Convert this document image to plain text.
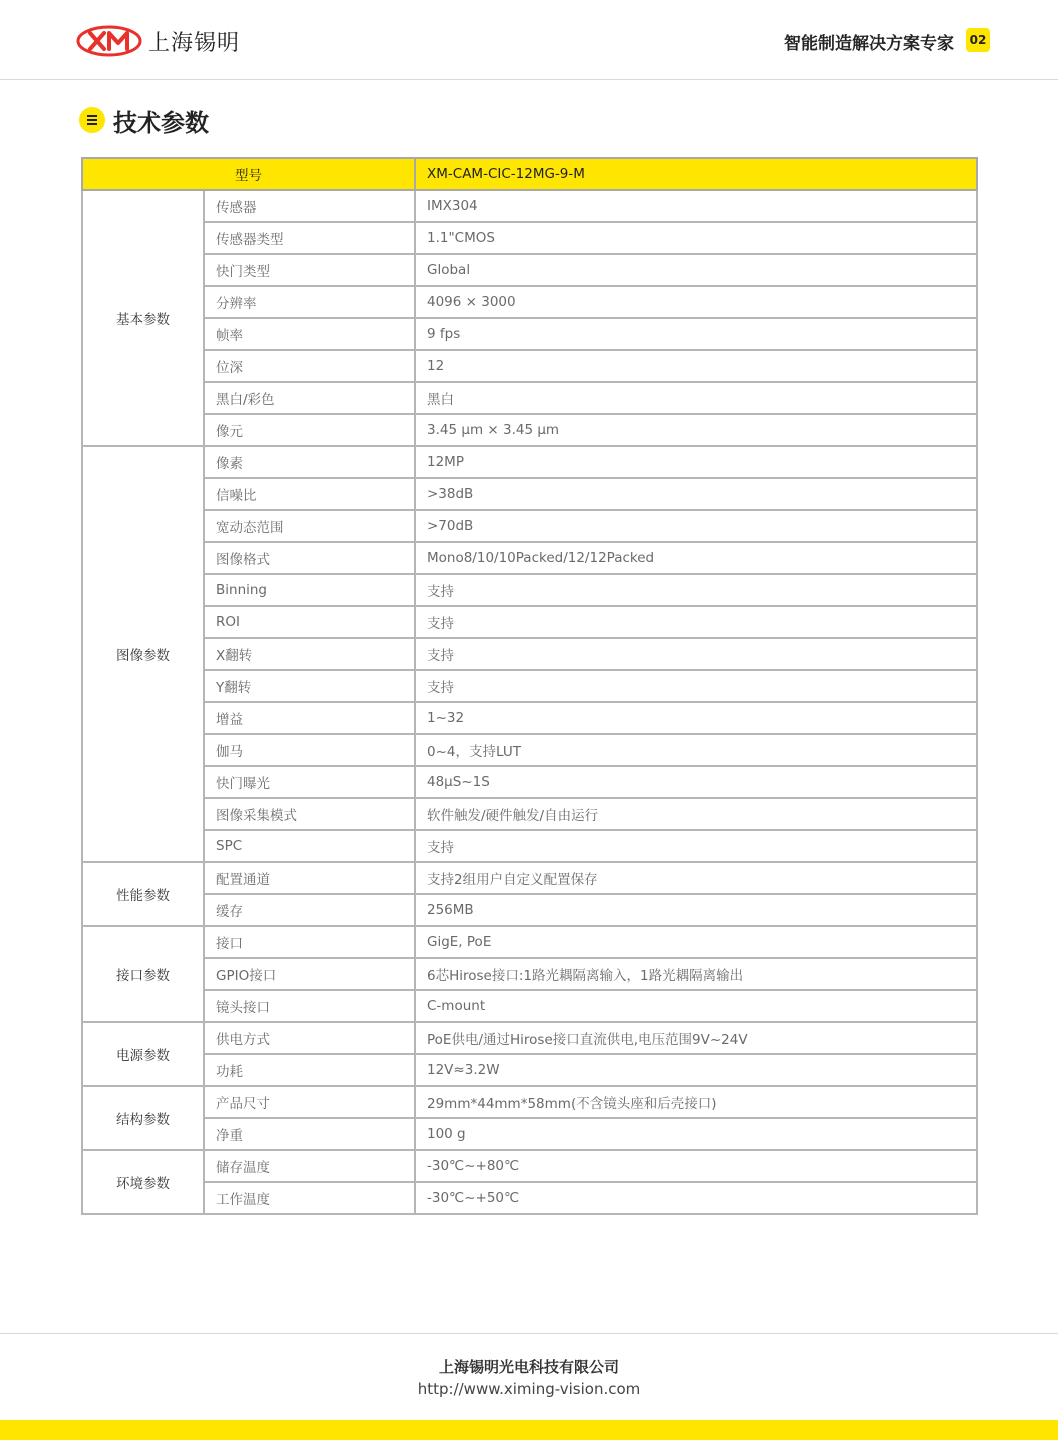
上海锡明	智能制造解决方案专家	02
技术参数
型号		XM-CAM-CIC-12MG-9-M
基本参数	传感器	IMX304
	传感器类型	1.1"CMOS
	快门类型	Global
	分辨率	4096 × 3000
	帧率	9 fps
	位深	12
	黑白/彩色	黑白
	像元	3.45 μm × 3.45 μm
图像参数	像素	12MP
	信噪比	>38dB
	宽动态范围	>70dB
	图像格式	Mono8/10/10Packed/12/12Packed
	Binning	支持
	ROI	支持
	X翻转	支持
	Y翻转	支持
	增益	1~32
	伽马	0~4，支持LUT
	快门曝光	48μS~1S
	图像采集模式	软件触发/硬件触发/自由运行
	SPC	支持
性能参数	配置通道	支持2组用户自定义配置保存
	缓存	256MB
接口参数	接口	GigE, PoE
	GPIO接口	6芯Hirose接口:1路光耦隔离输入，1路光耦隔离输出
	镜头接口	C-mount
电源参数	供电方式	PoE供电/通过Hirose接口直流供电,电压范围9V~24V
	功耗	12V≈3.2W
结构参数	产品尺寸	29mm*44mm*58mm(不含镜头座和后壳接口)
	净重	100 g
环境参数	储存温度	-30℃~+80℃
	工作温度	-30℃~+50℃
上海锡明光电科技有限公司
http://www.ximing-vision.com
